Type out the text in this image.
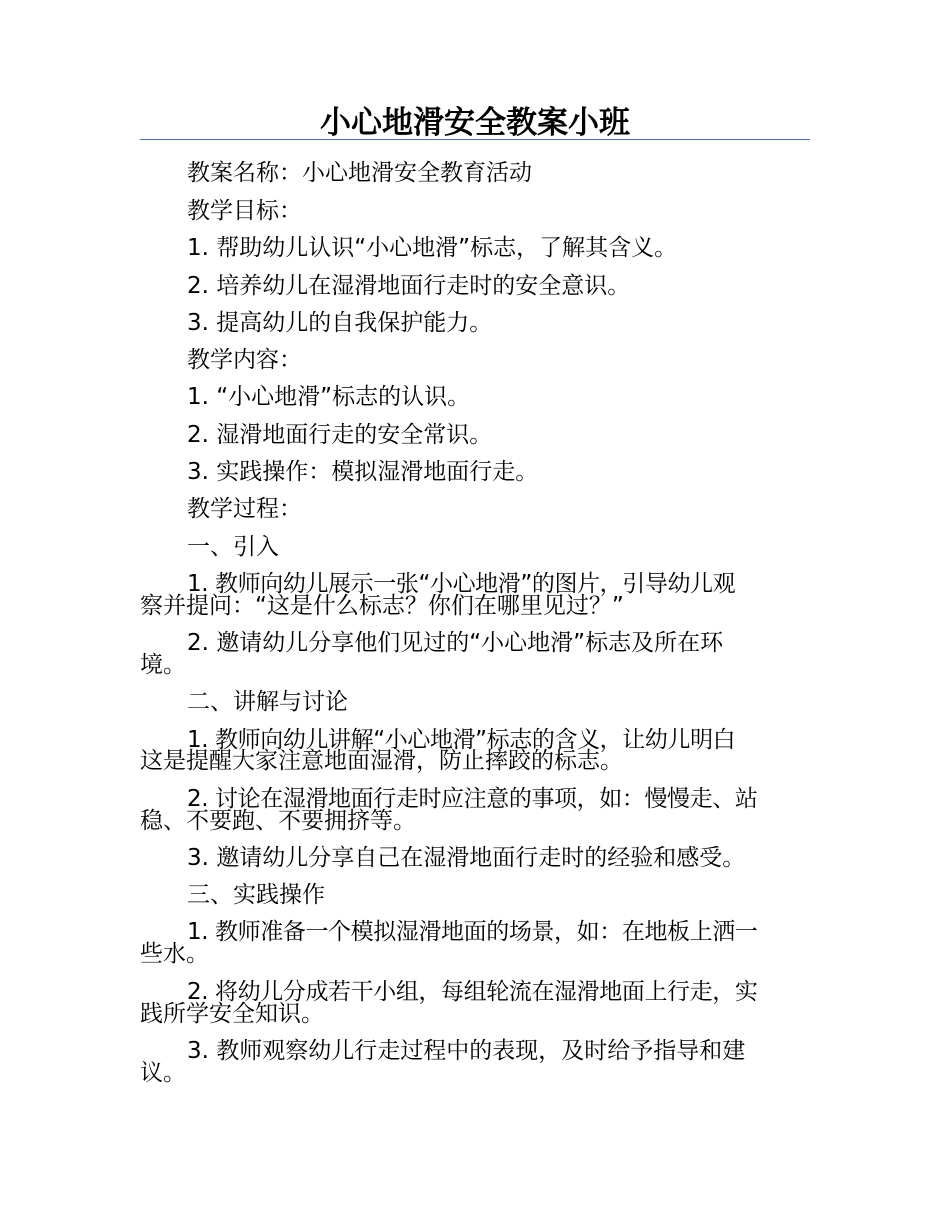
小心地滑安全教案小班
教案名称：小心地滑安全教育活动
教学目标：
1. 帮助幼儿认识“小心地滑”标志，了解其含义。
2. 培养幼儿在湿滑地面行走时的安全意识。
3. 提高幼儿的自我保护能力。
教学内容：
1. “小心地滑”标志的认识。
2. 湿滑地面行走的安全常识。
3. 实践操作：模拟湿滑地面行走。
教学过程：
一、引入
1. 教师向幼儿展示一张“小心地滑”的图片，引导幼儿观
察并提问：“这是什么标志？你们在哪里见过？”
2. 邀请幼儿分享他们见过的“小心地滑”标志及所在环
境。
二、讲解与讨论
1. 教师向幼儿讲解“小心地滑”标志的含义，让幼儿明白
这是提醒大家注意地面湿滑，防止摔跤的标志。
2. 讨论在湿滑地面行走时应注意的事项，如：慢慢走、站
稳、不要跑、不要拥挤等。
3. 邀请幼儿分享自己在湿滑地面行走时的经验和感受。
三、实践操作
1. 教师准备一个模拟湿滑地面的场景，如：在地板上洒一
些水。
2. 将幼儿分成若干小组，每组轮流在湿滑地面上行走，实
践所学安全知识。
3. 教师观察幼儿行走过程中的表现，及时给予指导和建
议。
